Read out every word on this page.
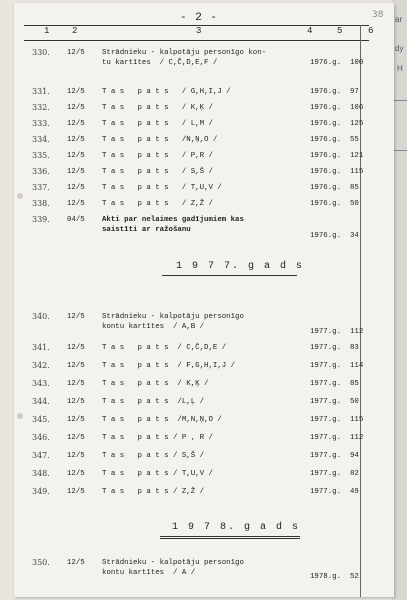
ar
dy
H
- 2 -	38
1	2	3	4	5	6
330.	12/5 Strādnieku - kalpotāju personīgo kon-
tu kartītes  / C,Č,D,E,F /	1976.g. 100
331.	12/5 T a s   p a t s   / G,H,I,J /	1976.g. 97
332.	12/5 T a s   p a t s   / K,Ķ /	1976.g. 106
333.	12/5 T a s   p a t s   / L,M /	1976.g. 125
334.	12/5 T a s   p a t s   /N,Ņ,O /	1976.g. 55
335.	12/5 T a s   p a t s   / P,R /	1976.g. 121
336.	12/5 T a s   p a t s   / S,Š /	1976.g. 115
337.	12/5 T a s   p a t s   / T,U,V /	1976.g. 85
338.	12/5 T a s   p a t s   / Z,Ž /	1976.g. 50
339.	04/5 Akti par nelaimes gadījumiem kas
saistīti ar ražošanu
1976.g. 34
1 9 7 7. g a d s
340.	12/5 Strādnieku - kalpotāju personīgo
kontu kartītes  / A,B /
1977.g. 112
341.	12/5 T a s   p a t s  / C,Č,D,E /	1977.g. 83
342.	12/5 T a s   p a t s  / F,G,H,I,J /	1977.g. 114
343.	12/5 T a s   p a t s  / K,Ķ /	1977.g. 85
344.	12/5 T a s   p a t s  /L,Ļ /	1977.g. 50
345.	12/5 T a s   p a t s  /M,N,Ņ,O /	1977.g. 115
346.	12/5 T a s   p a t s / P , R /	1977.g. 112
347.	12/5 T a s   p a t s / S,Š /	1977.g. 94
348.	12/5 T a s   p a t s / T,U,V /	1977.g. 82
349.	12/5 T a s   p a t s / Z,Ž /	1977.g. 49
1 9 7 8. g a d s
350.	12/5 Strādnieku - kalpotāju personīgo
kontu kartītes  / A /	1978.g. 52
